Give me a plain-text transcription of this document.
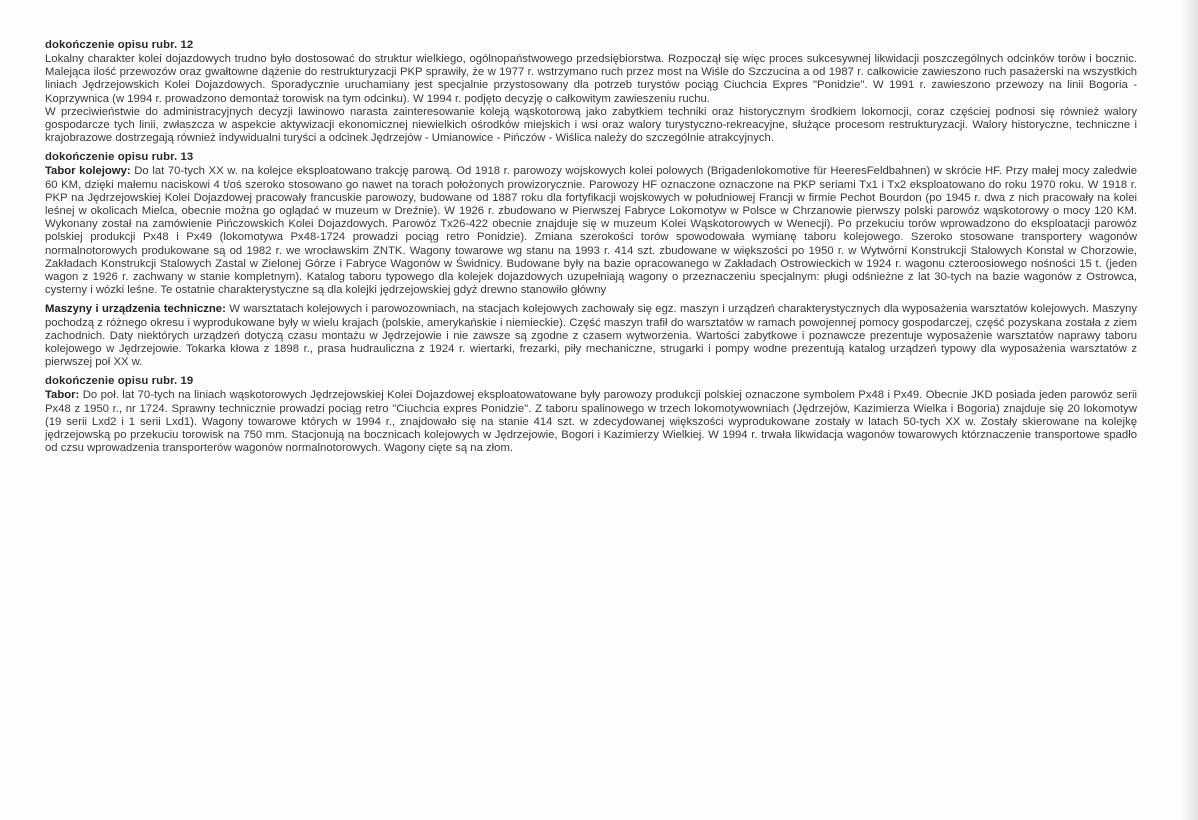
dokończenie opisu rubr. 12

Lokalny charakter kolei dojazdowych trudno było dostosować do struktur wielkiego, ogólnopaństwowego przedsiębiorstwa. Rozpoczął się więc proces sukcesywnej likwidacji poszczególnych odcinków torów i bocznic. Malejąca ilość przewozów oraz gwałtowne dążenie do restrukturyzacji PKP sprawiły, że w 1977 r. wstrzymano ruch przez most na Wiśle do Szczucina a od 1987 r. całkowicie zawieszono ruch pasażerski na wszystkich liniach Jędrzejowskich Kolei Dojazdowych. Sporadycznie uruchamiany jest specjalnie przystosowany dla potrzeb turystów pociąg Ciuchcia Expres "Ponidzie". W 1991 r. zawieszono przewozy na linii Bogoria - Koprzywnica (w 1994 r. prowadzono demontaż torowisk na tym odcinku). W 1994 r. podjęto decyzję o całkowitym zawieszeniu ruchu.

W przeciwieństwie do administracyjnych decyzji lawinowo narasta zainteresowanie koleją wąskotorową jako zabytkiem techniki oraz historycznym środkiem lokomocji, coraz częściej podnosi się również walory gospodarcze tych linii, zwłaszcza w aspekcie aktywizacji ekonomicznej niewielkich ośrodków miejskich i wsi oraz walory turystyczno-rekreacyjne, służące procesom restrukturyzacji. Walory historyczne, techniczne i krajobrazowe dostrzegają również indywidualni turyści a odcinek Jędrzejów - Umianowice - Pińczów - Wiślica należy do szczególnie atrakcyjnych.

dokończenie opisu rubr. 13

Tabor kolejowy: Do lat 70-tych XX w. na kolejce eksploatowano trakcję parową. Od 1918 r. parowozy wojskowych kolei polowych (Brigadenlokomotive für HeeresFeldbahnen) w skrócie HF. Przy małej mocy zaledwie 60 KM, dzięki małemu naciskowi 4 t/oś szeroko stosowano go nawet na torach położonych prowizorycznie. Parowozy HF oznaczone oznaczone na PKP seriami Tx1 i Tx2 eksploatowano do roku 1970 roku. W 1918 r. PKP na Jędrzejowskiej Kolei Dojazdowej pracowały francuskie parowozy, budowane od 1887 roku dla fortyfikacji wojskowych w południowej Francji w firmie Pechot Bourdon (po 1945 r. dwa z nich pracowały na kolei leśnej w okolicach Mielca, obecnie można go oglądać w muzeum w Dreźnie). W 1926 r. zbudowano w Pierwszej Fabryce Lokomotyw w Polsce w Chrzanowie pierwszy polski parowóz wąskotorowy o mocy 120 KM. Wykonany został na zamówienie Pińczowskich Kolei Dojazdowych. Parowóz Tx26-422 obecnie znajduje się w muzeum Kolei Wąskotorowych w Wenecji). Po przekuciu torów wprowadzono do eksploatacji parowóz polskiej produkcji Px48 i Px49 (lokomotywa Px48-1724 prowadzi pociąg retro Ponidzie). Zmiana szerokości torów spowodowała wymianę taboru kolejowego. Szeroko stosowane transportery wagonów normalnotorowych produkowane są od 1982 r. we wrocławskim ZNTK. Wagony towarowe wg stanu na 1993 r. 414 szt. zbudowane w większości po 1950 r. w Wytwórni Konstrukcji Stalowych Konstal w Chorzowie, Zakładach Konstrukcji Stalowych Zastal w Zielonej Górze i Fabryce Wagonów w Świdnicy. Budowane były na bazie opracowanego w Zakładach Ostrowieckich w 1924 r. wagonu czteroosiowego nośności 15 t. (jeden wagon z 1926 r. zachwany w stanie kompletnym). Katalog taboru typowego dla kolejek dojazdowych uzupełniają wagony o przeznaczeniu specjalnym: pługi odśnieżne z lat 30-tych na bazie wagonów z Ostrowca, cysterny i wózki leśne. Te ostatnie charakterystyczne są dla kolejki jędrzejowskiej gdyż drewno stanowiło główny

Maszyny i urządzenia techniczne: W warsztatach kolejowych i parowozowniach, na stacjach kolejowych zachowały się egz. maszyn i urządzeń charakterystycznych dla wyposażenia warsztatów kolejowych. Maszyny pochodzą z różnego okresu i wyprodukowane były w wielu krajach (polskie, amerykańskie i niemieckie). Część maszyn trafił do warsztatów w ramach powojennej pomocy gospodarczej, część pozyskana została z ziem zachodnich. Daty niektórych urządzeń dotyczą czasu montażu w Jędrzejowie i nie zawsze są zgodne z czasem wytworzenia. Wartości zabytkowe i poznawcze prezentuje wyposażenie warsztatów naprawy taboru kolejowego w Jędrzejowie. Tokarka kłowa z 1898 r., prasa hudrauliczna z 1924 r. wiertarki, frezarki, piły mechaniczne, strugarki i pompy wodne prezentują katalog urządzeń typowy dla wyposażenia warsztatów z pierwszej poł XX w.

dokończenie opisu rubr. 19

Tabor: Do poł. lat 70-tych na liniach wąskotorowych Jędrzejowskiej Kolei Dojazdowej eksploatowatowane były parowozy produkcji polskiej oznaczone symbolem Px48 i Px49. Obecnie JKD posiada jeden parowóz serii Px48 z 1950 r., nr 1724. Sprawny technicznie prowadzi pociąg retro "Ciuchcia expres Ponidzie". Z taboru spalinowego w trzech lokomotywowniach (Jędrzejów, Kazimierza Wielka i Bogoria) znajduje się 20 lokomotyw (19 serii Lxd2 i 1 serii Lxd1). Wagony towarowe których w 1994 r., znajdowało się na stanie 414 szt. w zdecydowanej większości wyprodukowane zostały w latach 50-tych XX w. Zostały skierowane na kolejkę jędrzejowską po przekuciu torowisk na 750 mm. Stacjonują na bocznicach kolejowych w Jędrzejowie, Bogori i Kazimierzy Wielkiej. W 1994 r. trwała likwidacja wagonów towarowych którznaczenie transportowe spadło od czsu wprowadzenia transporterów wagonów normalnotorowych. Wagony cięte są na złom.
